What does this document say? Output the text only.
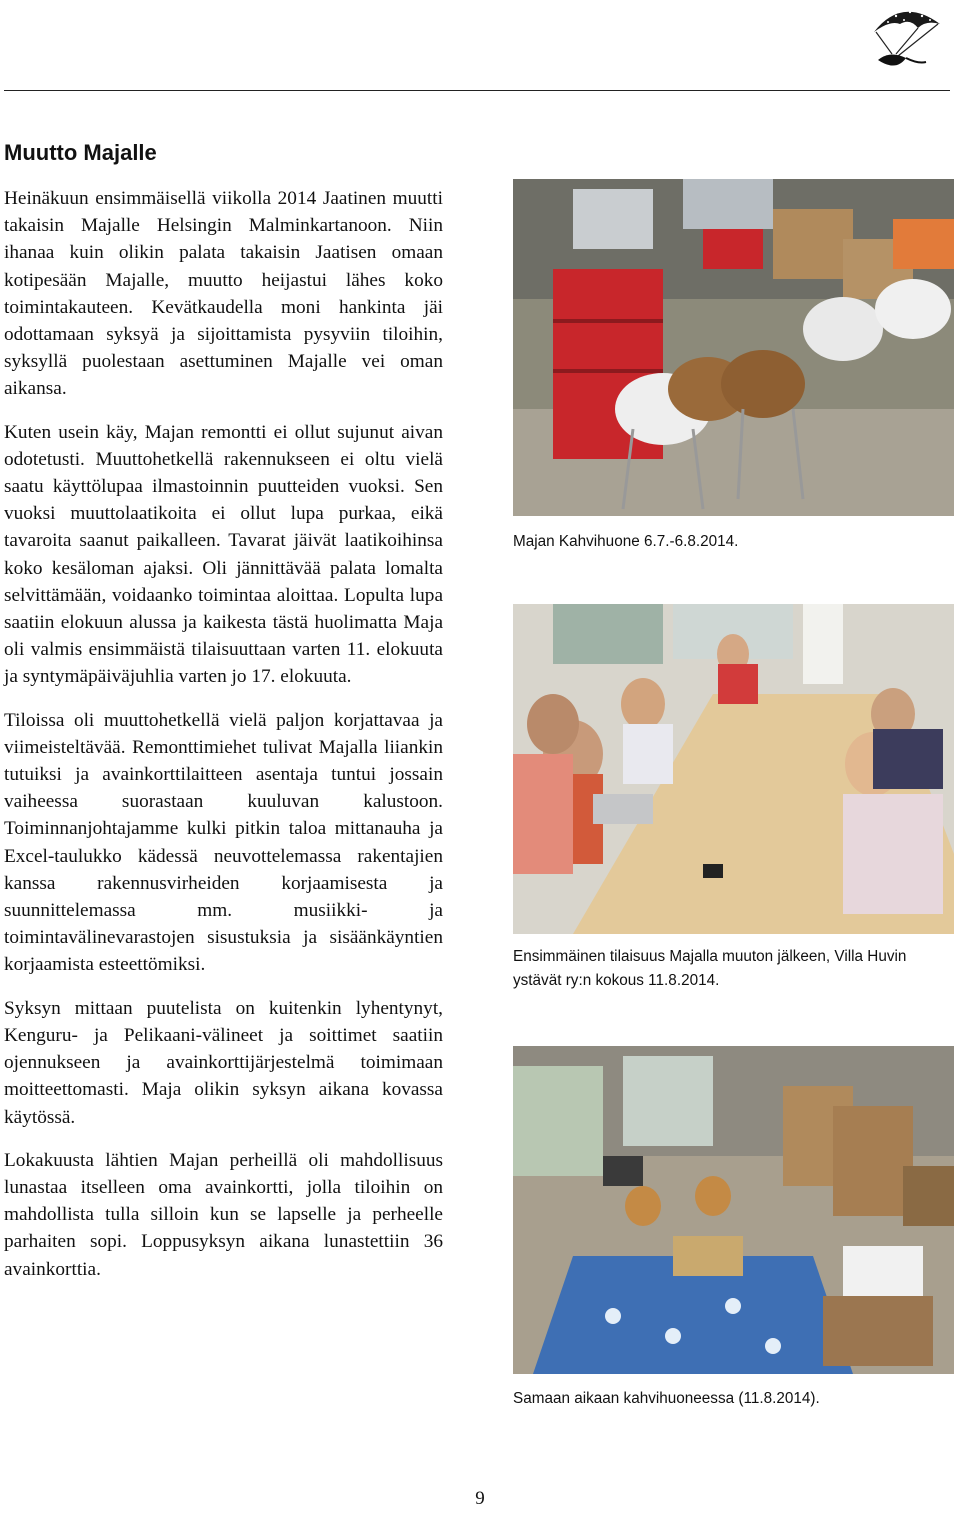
Muutto Majalle

Heinäkuun ensimmäisellä viikolla 2014 Jaatinen muutti takaisin Majalle Helsingin Malminkartanoon. Niin ihanaa kuin olikin palata takaisin Jaatisen omaan kotipesään Majalle, muutto heijastui lähes koko toimintakauteen. Kevätkaudella moni hankinta jäi odottamaan syksyä ja sijoittamista pysyviin tiloihin, syksyllä puolestaan asettuminen Majalle vei oman aikansa.

Kuten usein käy, Majan remontti ei ollut sujunut aivan odotetusti. Muuttohetkellä rakennukseen ei oltu vielä saatu käyttölupaa ilmastoinnin puutteiden vuoksi. Sen vuoksi muuttolaatikoita ei ollut lupa purkaa, eikä tavaroita saanut paikalleen. Tavarat jäivät laatikoihinsa koko kesäloman ajaksi. Oli jännittävää palata lomalta selvittämään, voidaanko toimintaa aloittaa. Lopulta lupa saatiin elokuun alussa ja kaikesta tästä huolimatta Maja oli valmis ensimmäistä tilaisuuttaan varten 11. elokuuta ja syntymäpäiväjuhlia varten jo 17. elokuuta.

Tiloissa oli muuttohetkellä vielä paljon korjattavaa ja viimeisteltävää. Remonttimiehet tulivat Majalla liiankin tutuiksi ja avainkorttilaitteen asentaja tuntui jossain vaiheessa suorastaan kuuluvan kalustoon. Toiminnanjohtajamme kulki pitkin taloa mittanauha ja Excel-taulukko kädessä neuvottelemassa rakentajien kanssa rakennusvirheiden korjaamisesta ja suunnittelemassa mm. musiikki- ja toimintavälinevarastojen sisustuksia ja sisäänkäyntien korjaamista esteettömiksi.

Syksyn mittaan puutelista on kuitenkin lyhentynyt, Kenguru- ja Pelikaani-välineet ja soittimet saatiin ojennukseen ja avainkorttijärjestelmä toimimaan moitteettomasti. Maja olikin syksyn aikana kovassa käytössä.

Lokakuusta lähtien Majan perheillä oli mahdollisuus lunastaa itselleen oma avainkortti, jolla tiloihin on mahdollista tulla silloin kun se lapselle ja perheelle parhaiten sopi. Loppusyksyn aikana lunastettiin 36 avainkorttia.

Majan Kahvihuone 6.7.-6.8.2014.

Ensimmäinen tilaisuus Majalla muuton jälkeen, Villa Huvin ystävät ry:n kokous 11.8.2014.

Samaan aikaan kahvihuoneessa (11.8.2014).

9
